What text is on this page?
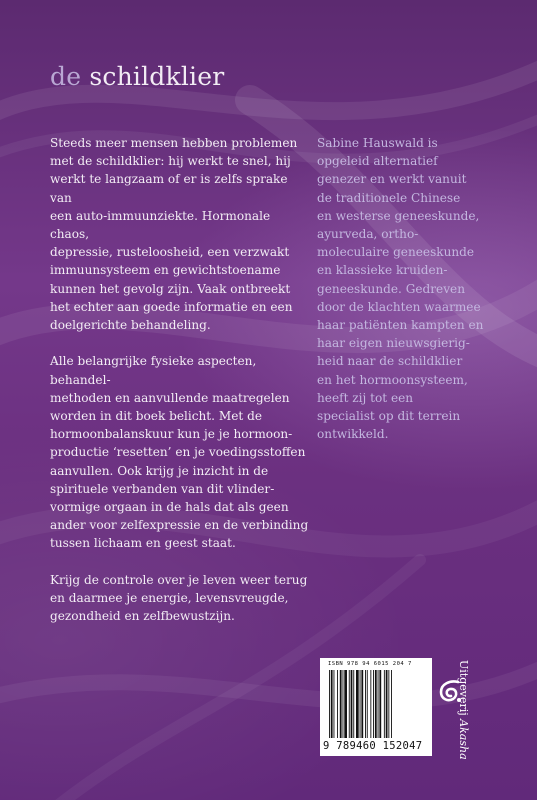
de schildklier

Steeds meer mensen hebben problemen
met de schildklier: hij werkt te snel, hij
werkt te langzaam of er is zelfs sprake van
een auto-immuunziekte. Hormonale chaos,
depressie, rusteloosheid, een verzwakt
immuunsysteem en gewichtstoename
kunnen het gevolg zijn. Vaak ontbreekt
het echter aan goede informatie en een
doelgerichte behandeling.

Alle belangrijke fysieke aspecten, behandel-
methoden en aanvullende maatregelen
worden in dit boek belicht. Met de
hormoonbalanskuur kun je je hormoon-
productie ‘resetten’ en je voedingsstoffen
aanvullen. Ook krijg je inzicht in de
spirituele verbanden van dit vlinder-
vormige orgaan in de hals dat als geen
ander voor zelfexpressie en de verbinding
tussen lichaam en geest staat.

Krijg de controle over je leven weer terug
en daarmee je energie, levensvreugde,
gezondheid en zelfbewustzijn.

Sabine Hauswald is
opgeleid alternatief
genezer en werkt vanuit
de traditionele Chinese
en westerse geneeskunde,
ayurveda, ortho-
moleculaire geneeskunde
en klassieke kruiden-
geneeskunde. Gedreven
door de klachten waarmee
haar patiënten kampten en
haar eigen nieuwsgierig-
heid naar de schildklier
en het hormoonsysteem,
heeft zij tot een
specialist op dit terrein
ontwikkeld.
ISBN 978 94 6015 204 7
9 789460 152047
Uitgeverij Akasha
